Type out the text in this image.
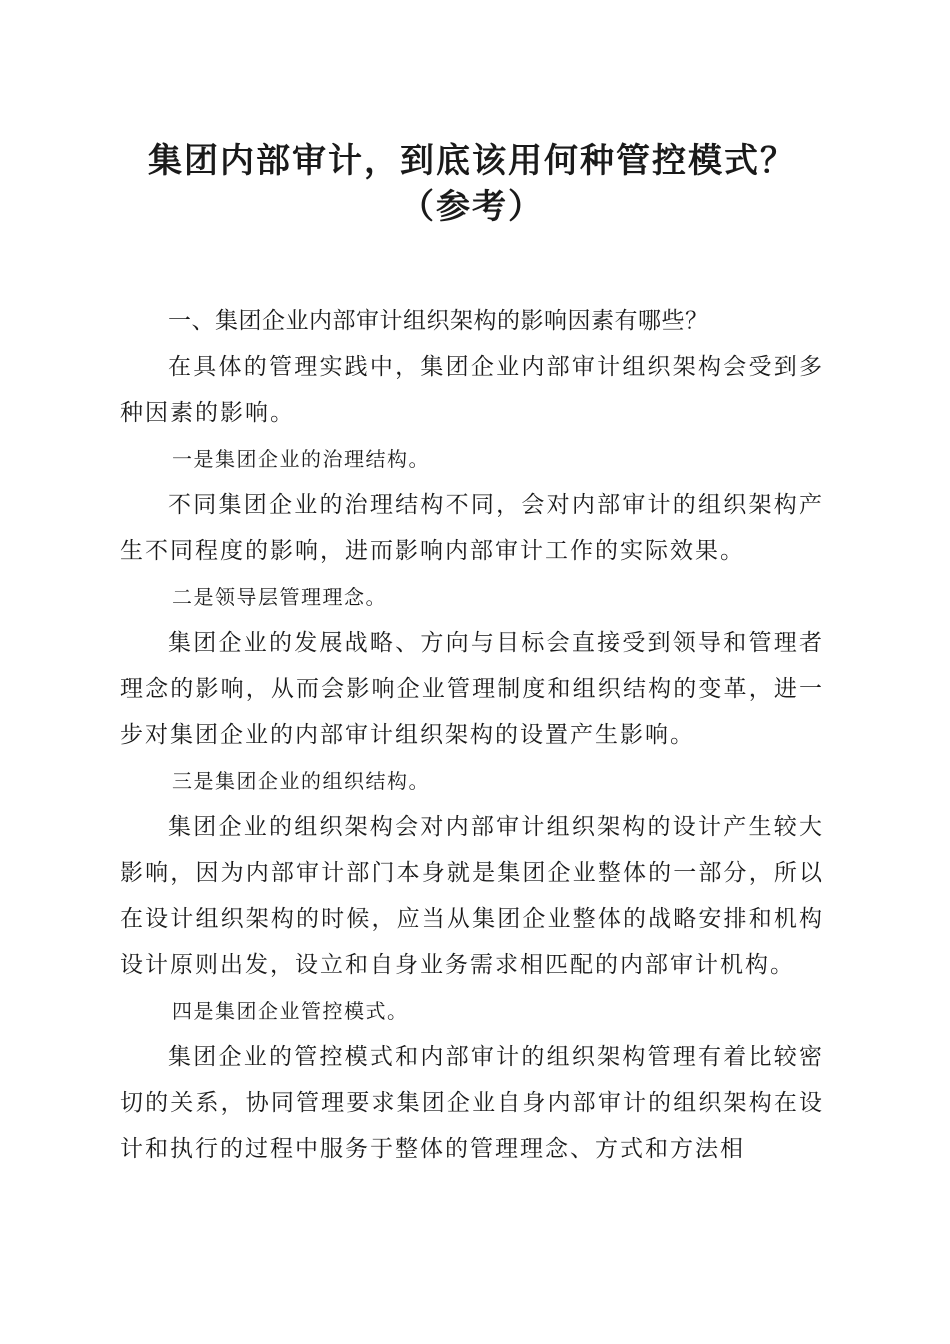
集团内部审计，到底该用何种管控模式？（参考）

一、集团企业内部审计组织架构的影响因素有哪些？

在具体的管理实践中，集团企业内部审计组织架构会受到多种因素的影响。

一是集团企业的治理结构。

不同集团企业的治理结构不同，会对内部审计的组织架构产生不同程度的影响，进而影响内部审计工作的实际效果。

二是领导层管理理念。

集团企业的发展战略、方向与目标会直接受到领导和管理者理念的影响，从而会影响企业管理制度和组织结构的变革，进一步对集团企业的内部审计组织架构的设置产生影响。

三是集团企业的组织结构。

集团企业的组织架构会对内部审计组织架构的设计产生较大影响，因为内部审计部门本身就是集团企业整体的一部分，所以在设计组织架构的时候，应当从集团企业整体的战略安排和机构设计原则出发，设立和自身业务需求相匹配的内部审计机构。

四是集团企业管控模式。

集团企业的管控模式和内部审计的组织架构管理有着比较密切的关系，协同管理要求集团企业自身内部审计的组织架构在设计和执行的过程中服务于整体的管理理念、方式和方法相
